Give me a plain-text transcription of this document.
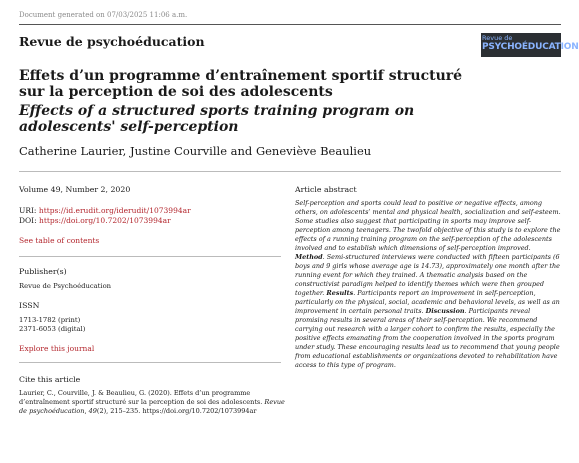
Document generated on 07/03/2025 11:06 a.m.
Revue de psychoéducation	Revue de
PSYCHOÉDUCATION
Effets d’un programme d’entraînement sportif structuré sur la perception de soi des adolescents
Effects of a structured sports training program on adolescents' self-perception
Catherine Laurier, Justine Courville and Geneviève Beaulieu
Volume 49, Number 2, 2020
URI: https://id.erudit.org/iderudit/1073994ar
DOI: https://doi.org/10.7202/1073994ar
See table of contents
Publisher(s)
Revue de Psychoéducation
ISSN
1713-1782 (print)
2371-6053 (digital)
Explore this journal
Cite this article
Laurier, C., Courville, J. & Beaulieu, G. (2020). Effets d’un programme d’entraînement sportif structuré sur la perception de soi des adolescents. Revue de psychoéducation, 49(2), 215–235. https://doi.org/10.7202/1073994ar
Article abstract
Self-perception and sports could lead to positive or negative effects, among others, on adolescents’ mental and physical health, socialization and self-esteem. Some studies also suggest that participating in sports may improve self-perception among teenagers. The twofold objective of this study is to explore the effects of a running training program on the self-perception of the adolescents involved and to establish which dimensions of self-perception improved. Method. Semi-structured interviews were conducted with fifteen participants (6 boys and 9 girls whose average age is 14.73), approximately one month after the running event for which they trained. A thematic analysis based on the constructivist paradigm helped to identify themes which were then grouped together. Results. Participants report an improvement in self-perception, particularly on the physical, social, academic and behavioral levels, as well as an improvement in certain personal traits. Discussion. Participants reveal promising results in several areas of their self-perception. We recommend carrying out research with a larger cohort to confirm the results, especially the positive effects emanating from the cooperation involved in the sports program under study. These encouraging results lead us to recommend that young people from educational establishments or organizations devoted to rehabilitation have access to this type of program.
